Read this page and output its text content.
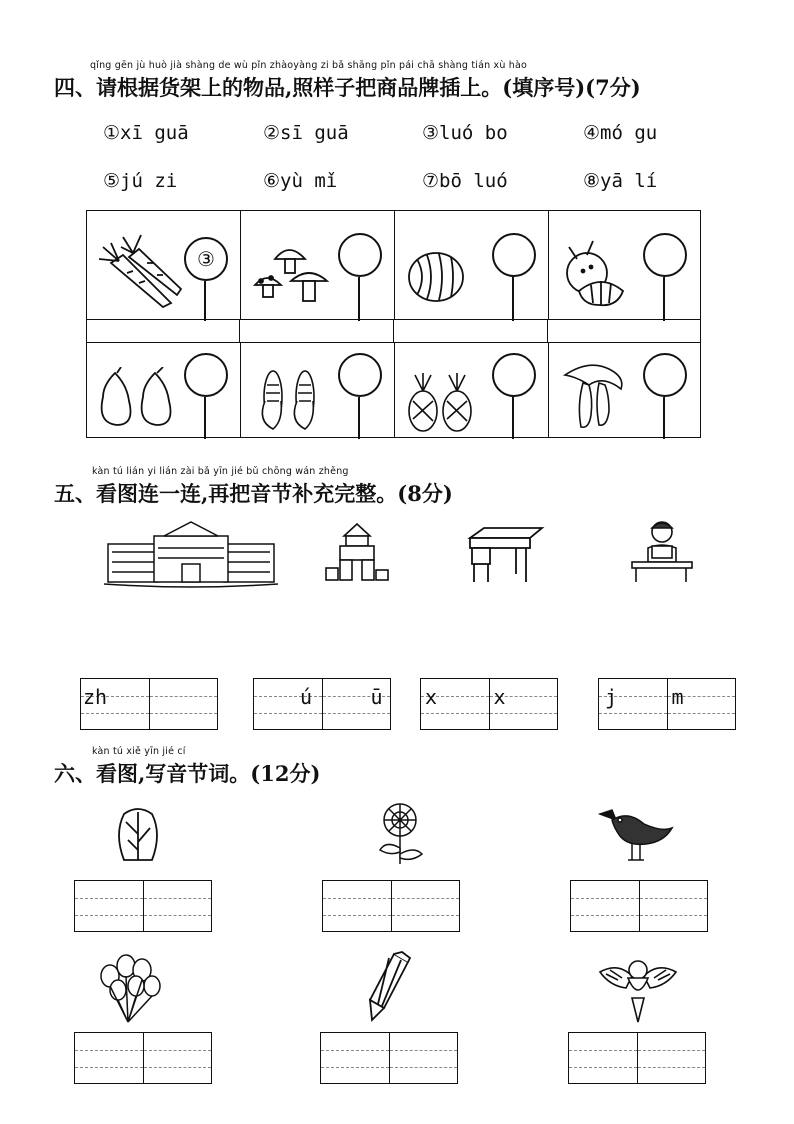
qǐng gēn jù huò jià shàng de wù pǐn zhàoyàng zi bǎ shāng pǐn pái chā shàng tián xù hào
四、请根据货架上的物品,照样子把商品牌插上。(填序号)(7分)
①xī guā	②sī guā	③luó bo	④mó gu
⑤jú zi	⑥yù mǐ	⑦bō luó	⑧yā lí
③
kàn tú lián yi lián zài bǎ yīn jié bǔ chōng wán zhěng
五、看图连一连,再把音节补充完整。(8分)
zh	ú	ū x	x	j	m
kàn tú xiě yīn jié cí
六、看图,写音节词。(12分)
